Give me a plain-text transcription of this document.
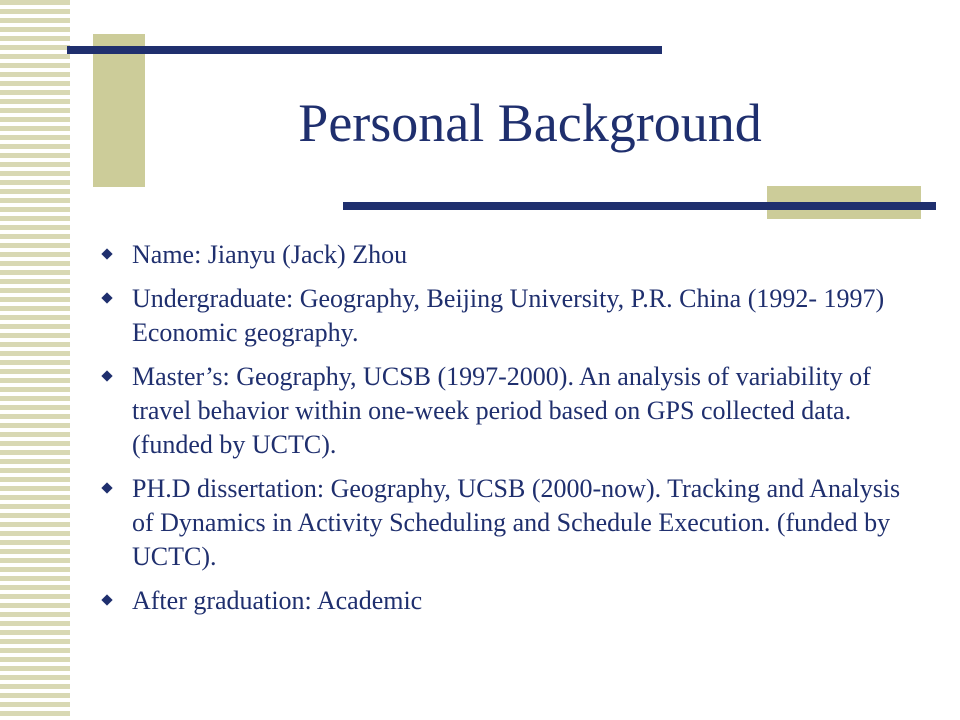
Personal Background
Name: Jianyu (Jack) Zhou
Undergraduate: Geography, Beijing University, P.R. China (1992- 1997) Economic geography.
Master’s: Geography, UCSB (1997-2000). An analysis of variability of travel behavior within one-week period based on GPS collected data. (funded by UCTC).
PH.D dissertation: Geography, UCSB (2000-now). Tracking and Analysis of Dynamics in Activity Scheduling and Schedule Execution. (funded by UCTC).
After graduation: Academic
